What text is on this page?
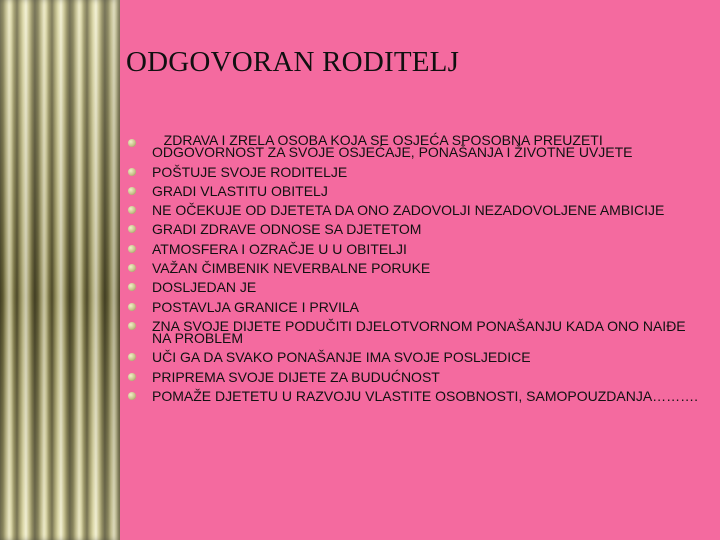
ODGOVORAN RODITELJ
ZDRAVA I ZRELA OSOBA KOJA SE OSJEĆA SPOSOBNA PREUZETI ODGOVORNOST ZA SVOJE OSJEĆAJE, PONAŠANJA I ŽIVOTNE UVJETE
POŠTUJE SVOJE RODITELJE
GRADI VLASTITU OBITELJ
NE OČEKUJE OD DJETETA DA ONO ZADOVOLJI NEZADOVOLJENE AMBICIJE
GRADI ZDRAVE ODNOSE SA DJETETOM
ATMOSFERA I OZRAČJE U U OBITELJI
VAŽAN ČIMBENIK NEVERBALNE PORUKE
DOSLJEDAN JE
POSTAVLJA GRANICE I PRVILA
ZNA SVOJE DIJETE PODUČITI DJELOTVORNOM PONAŠANJU KADA ONO NAIĐE NA PROBLEM
UČI GA DA SVAKO PONAŠANJE IMA SVOJE POSLJEDICE
PRIPREMA SVOJE DIJETE ZA BUDUĆNOST
POMAŽE DJETETU U RAZVOJU VLASTITE OSOBNOSTI, SAMOPOUZDANJA……….
